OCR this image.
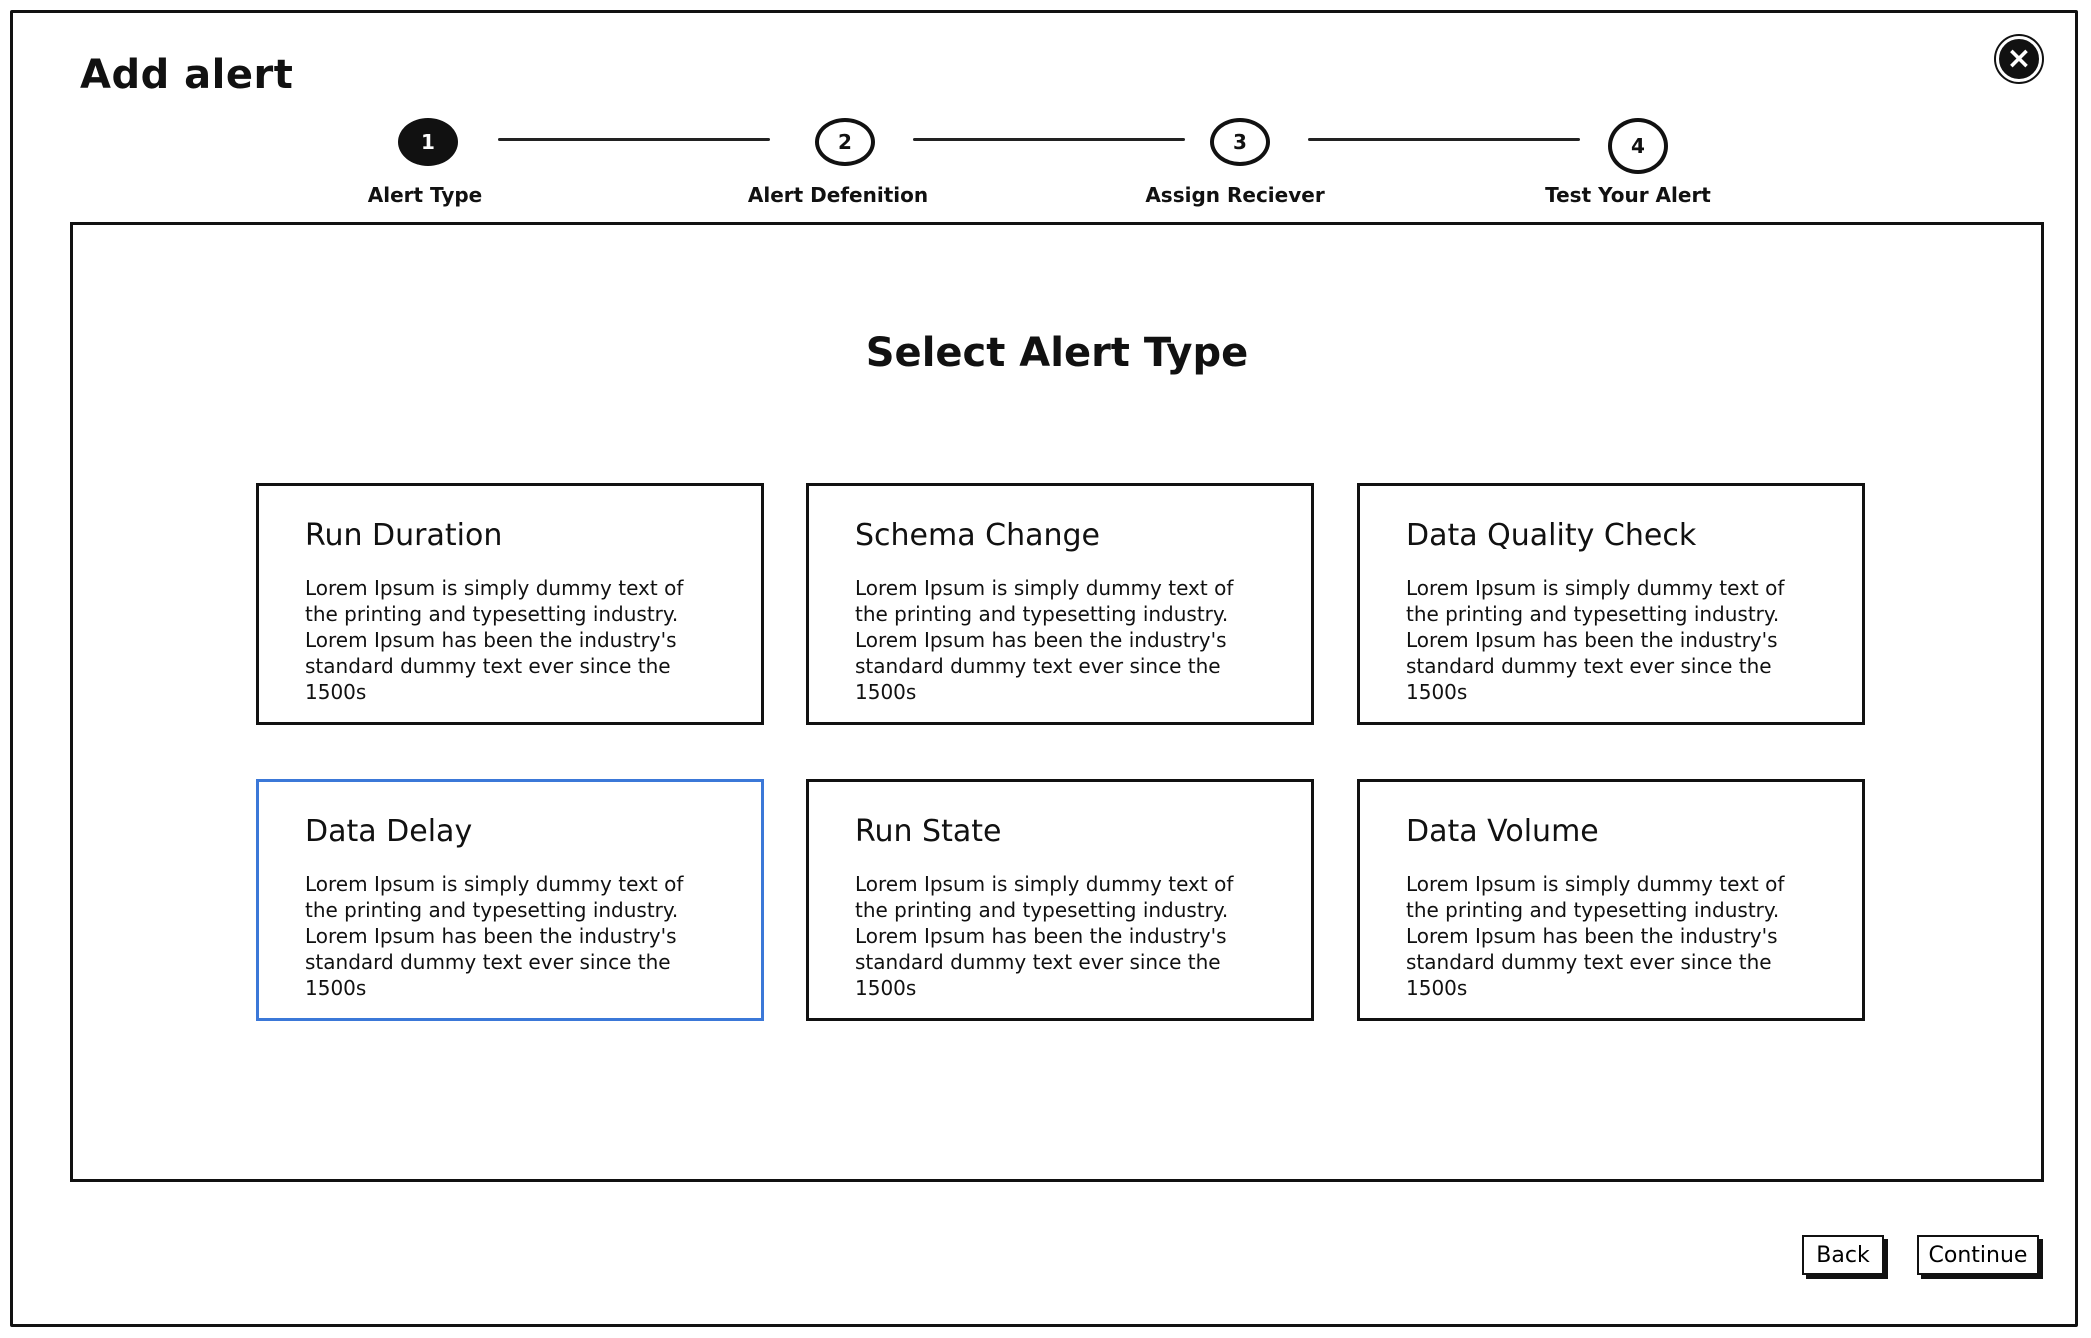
Add alert	×
1
Alert Type
2
Alert Defenition
3
Assign Reciever
4
Test Your Alert
Select Alert Type
Run Duration
Lorem Ipsum is simply dummy text of the printing and typesetting industry. Lorem Ipsum has been the industry's standard dummy text ever since the 1500s
Schema Change
Lorem Ipsum is simply dummy text of the printing and typesetting industry. Lorem Ipsum has been the industry's standard dummy text ever since the 1500s
Data Quality Check
Lorem Ipsum is simply dummy text of the printing and typesetting industry. Lorem Ipsum has been the industry's standard dummy text ever since the 1500s
Data Delay
Lorem Ipsum is simply dummy text of the printing and typesetting industry. Lorem Ipsum has been the industry's standard dummy text ever since the 1500s
Run State
Lorem Ipsum is simply dummy text of the printing and typesetting industry. Lorem Ipsum has been the industry's standard dummy text ever since the 1500s
Data Volume
Lorem Ipsum is simply dummy text of the printing and typesetting industry. Lorem Ipsum has been the industry's standard dummy text ever since the 1500s
Back	Continue
